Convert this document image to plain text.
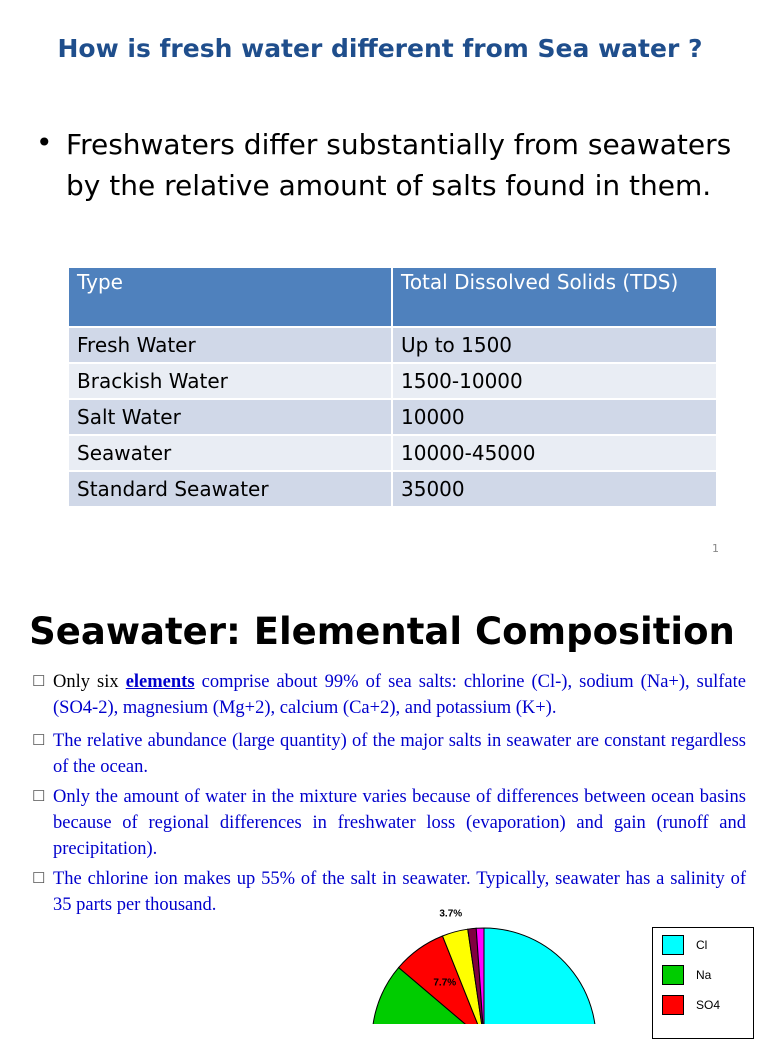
How is fresh water different from Sea water ?
• Freshwaters differ substantially from seawaters by the relative amount of salts found in them.
Type	Total Dissolved Solids (TDS)
Fresh Water	Up to 1500
Brackish Water	1500-10000
Salt Water	10000
Seawater	10000-45000
Standard Seawater	35000
1
Seawater: Elemental Composition
☐ Only six elements comprise about 99% of sea salts: chlorine (Cl-), sodium (Na+), sulfate (SO4-2), magnesium (Mg+2), calcium (Ca+2), and potassium (K+).
☐ The relative abundance (large quantity) of the major salts in seawater are constant regardless of the ocean.
☐ Only the amount of water in the mixture varies because of differences between ocean basins because of regional differences in freshwater loss (evaporation) and gain (runoff and precipitation).
☐ The chlorine ion makes up 55% of the salt in seawater. Typically, seawater has a salinity of 35 parts per thousand.
7.7%
3.7%
Cl
Na
SO4
